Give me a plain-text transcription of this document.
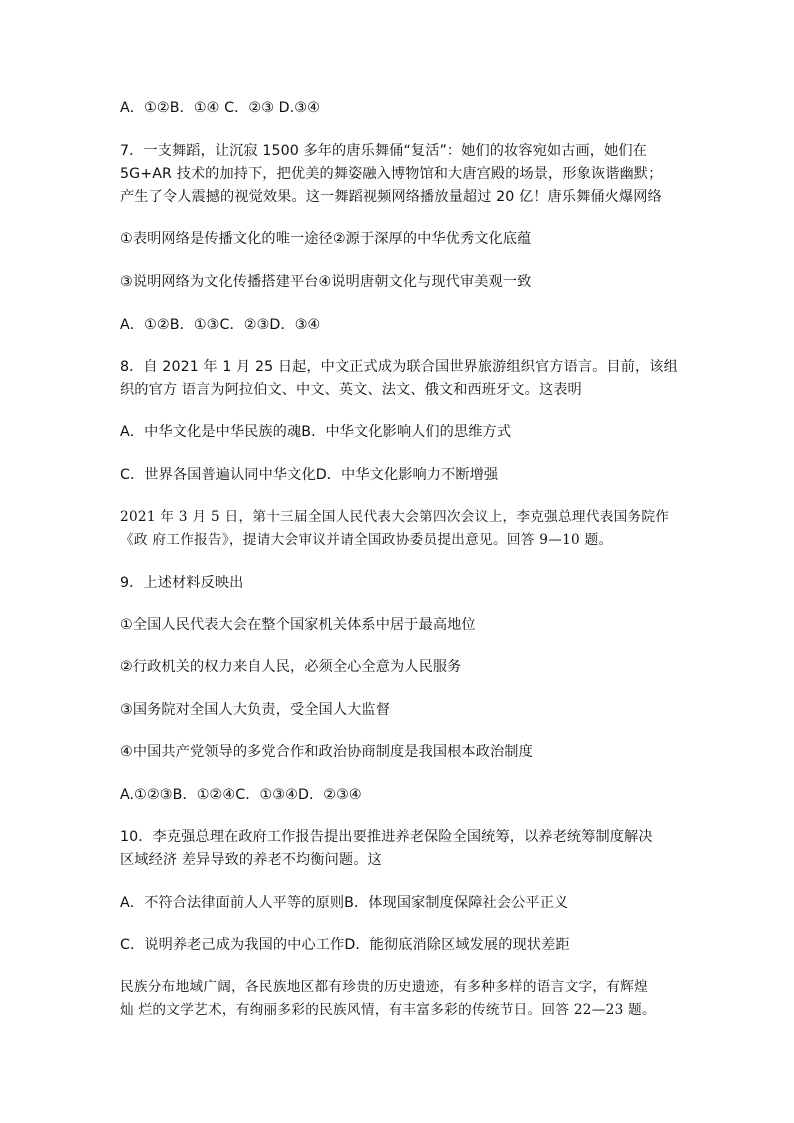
A．①②B．①④ C．②③ D.③④
7．一支舞蹈，让沉寂 1500 多年的唐乐舞俑“复活”：她们的妆容宛如古画，她们在
5G+AR 技术的加持下，把优美的舞姿融入博物馆和大唐宫殿的场景，形象诙谐幽默；
产生了令人震撼的视觉效果。这一舞蹈视频网络播放量超过 20 亿！唐乐舞俑火爆网络
①表明网络是传播文化的唯一途径②源于深厚的中华优秀文化底蕴
③说明网络为文化传播搭建平台④说明唐朝文化与现代审美观一致
A．①②B．①③C．②③D．③④
8．自 2021 年 1 月 25 日起，中文正式成为联合国世界旅游组织官方语言。目前，该组
织的官方 语言为阿拉伯文、中文、英文、法文、俄文和西班牙文。这表明
A．中华文化是中华民族的魂B．中华文化影响人们的思维方式
C．世界各国普遍认同中华文化D．中华文化影响力不断增强
2021 年 3 月 5 日，第十三届全国人民代表大会第四次会议上，李克强总理代表国务院作
《政 府工作报告》，提请大会审议并请全国政协委员提出意见。回答 9—10 题。
9．上述材料反映出
①全国人民代表大会在整个国家机关体系中居于最高地位
②行政机关的权力来自人民，必须全心全意为人民服务
③国务院对全国人大负责，受全国人大监督
④中国共产党领导的多党合作和政治协商制度是我国根本政治制度
A.①②③B．①②④C．①③④D．②③④
10．李克强总理在政府工作报告提出要推进养老保险全国统筹，以养老统筹制度解决
区域经济 差异导致的养老不均衡问题。这
A．不符合法律面前人人平等的原则B．体现国家制度保障社会公平正义
C．说明养老己成为我国的中心工作D．能彻底消除区域发展的现状差距
民族分布地域广阔，各民族地区都有珍贵的历史遗迹，有多种多样的语言文字，有辉煌
灿 烂的文学艺术，有绚丽多彩的民族风情，有丰富多彩的传统节日。回答 22—23 题。
